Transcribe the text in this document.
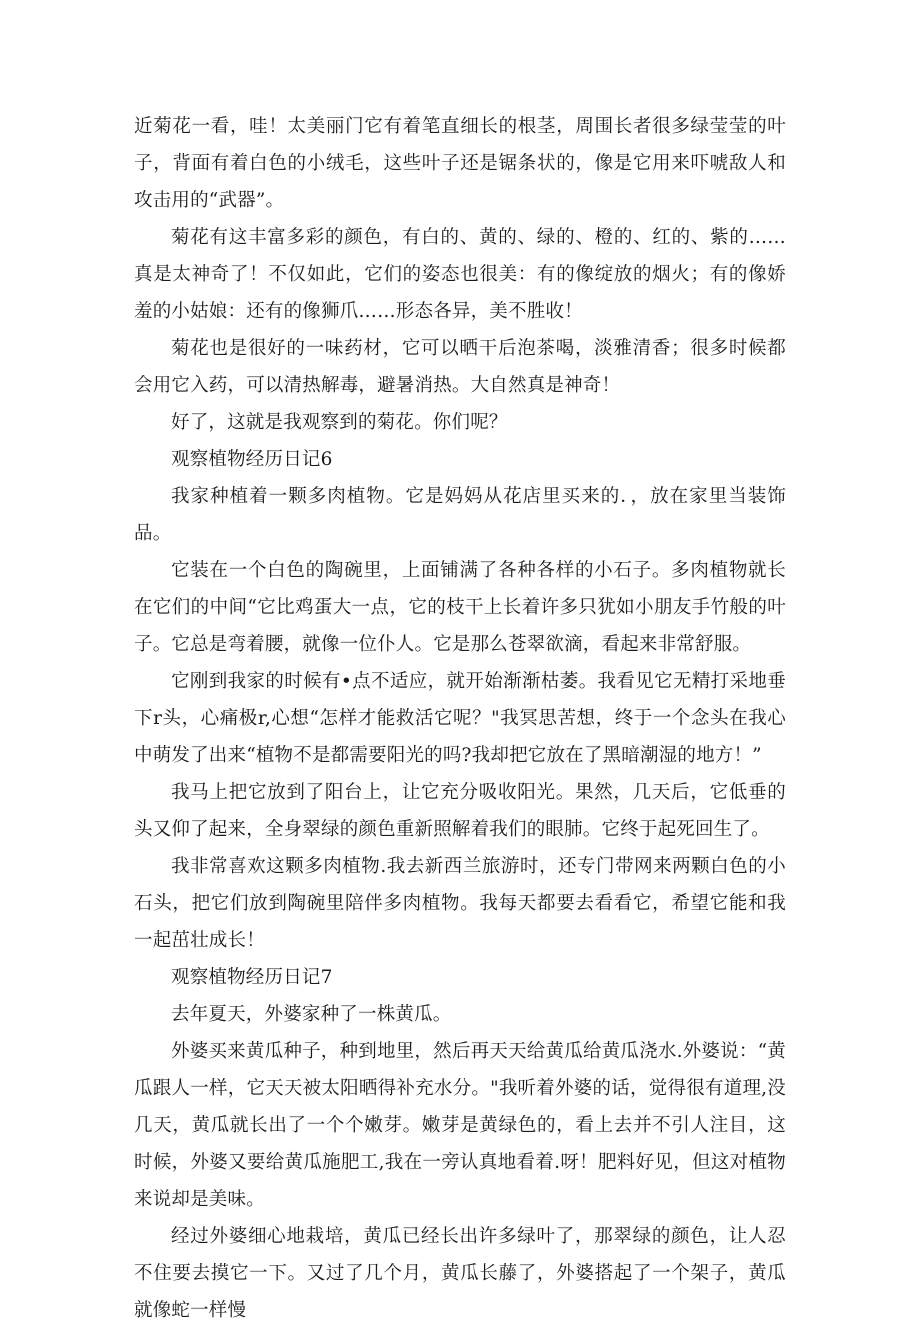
近菊花一看，哇！太美丽门它有着笔直细长的根茎，周围长者很多绿莹莹的叶子，背面有着白色的小绒毛，这些叶子还是锯条状的，像是它用来吓唬敌人和攻击用的“武器”。

菊花有这丰富多彩的颜色，有白的、黄的、绿的、橙的、红的、紫的……真是太神奇了！不仅如此，它们的姿态也很美：有的像绽放的烟火；有的像娇羞的小姑娘：还有的像狮爪……形态各异，美不胜收！

菊花也是很好的一味药材，它可以晒干后泡茶喝，淡雅清香；很多时候都会用它入药，可以清热解毒，避暑消热。大自然真是神奇！

好了，这就是我观察到的菊花。你们呢？

观察植物经历日记6

我家种植着一颗多肉植物。它是妈妈从花店里买来的．，放在家里当装饰品。

它装在一个白色的陶碗里，上面铺满了各种各样的小石子。多肉植物就长在它们的中间“它比鸡蛋大一点，它的枝干上长着许多只犹如小朋友手竹般的叶子。它总是弯着腰，就像一位仆人。它是那么苍翠欲滴，看起来非常舒服。

它刚到我家的时候有•点不适应，就开始渐渐枯萎。我看见它无精打采地垂下r头，心痛极r,心想“怎样才能救活它呢？"我冥思苦想，终于一个念头在我心中萌发了出来“植物不是都需要阳光的吗?我却把它放在了黑暗潮湿的地方！”

我马上把它放到了阳台上，让它充分吸收阳光。果然，几天后，它低垂的头又仰了起来，全身翠绿的颜色重新照解着我们的眼肺。它终于起死回生了。

我非常喜欢这颗多肉植物.我去新西兰旅游时，还专门带网来两颗白色的小石头，把它们放到陶碗里陪伴多肉植物。我每天都要去看看它，希望它能和我一起茁壮成长！

观察植物经历日记7

去年夏天，外婆家种了一株黄瓜。

外婆买来黄瓜种子，种到地里，然后再天天给黄瓜给黄瓜浇水.外婆说：“黄瓜跟人一样，它天天被太阳晒得补充水分。"我听着外婆的话，觉得很有道理,没几天，黄瓜就长出了一个个嫩芽。嫩芽是黄绿色的，看上去并不引人注目，这时候，外婆又要给黄瓜施肥工,我在一旁认真地看着.呀！肥料好见，但这对植物来说却是美味。

经过外婆细心地栽培，黄瓜已经长出许多绿叶了，那翠绿的颜色，让人忍不住要去摸它一下。又过了几个月，黄瓜长藤了，外婆搭起了一个架子，黄瓜就像蛇一样慢
